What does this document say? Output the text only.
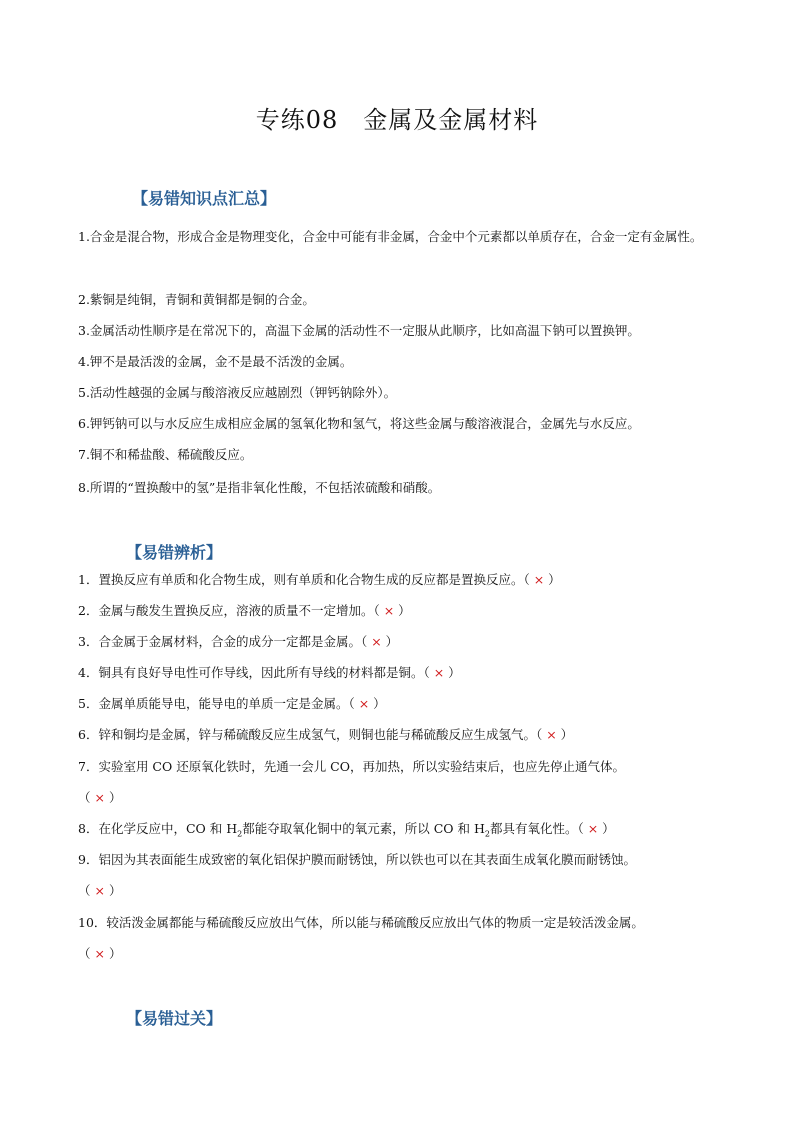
专练08　金属及金属材料
【易错知识点汇总】
1.合金是混合物，形成合金是物理变化，合金中可能有非金属，合金中个元素都以单质存在，合金一定有金属性。
2.紫铜是纯铜，青铜和黄铜都是铜的合金。
3.金属活动性顺序是在常况下的，高温下金属的活动性不一定服从此顺序，比如高温下钠可以置换钾。
4.钾不是最活泼的金属，金不是最不活泼的金属。
5.活动性越强的金属与酸溶液反应越剧烈（钾钙钠除外）。
6.钾钙钠可以与水反应生成相应金属的氢氧化物和氢气，将这些金属与酸溶液混合，金属先与水反应。
7.铜不和稀盐酸、稀硫酸反应。
8.所谓的“置换酸中的氢”是指非氧化性酸，不包括浓硫酸和硝酸。
【易错辨析】
1．置换反应有单质和化合物生成，则有单质和化合物生成的反应都是置换反应。（ × ）
2．金属与酸发生置换反应，溶液的质量不一定增加。（ × ）
3．合金属于金属材料，合金的成分一定都是金属。（ × ）
4．铜具有良好导电性可作导线，因此所有导线的材料都是铜。（ × ）
5．金属单质能导电，能导电的单质一定是金属。（ × ）
6．锌和铜均是金属，锌与稀硫酸反应生成氢气，则铜也能与稀硫酸反应生成氢气。（ × ）
7．实验室用 CO 还原氧化铁时，先通一会儿 CO，再加热，所以实验结束后，也应先停止通气体。
（ × ）
8．在化学反应中，CO 和 $H_2$都能夺取氧化铜中的氧元素，所以 CO 和 $H_2$都具有氧化性。（ × ）
9．铝因为其表面能生成致密的氧化铝保护膜而耐锈蚀，所以铁也可以在其表面生成氧化膜而耐锈蚀。
（ × ）
10．较活泼金属都能与稀硫酸反应放出气体，所以能与稀硫酸反应放出气体的物质一定是较活泼金属。
（ × ）
【易错过关】
